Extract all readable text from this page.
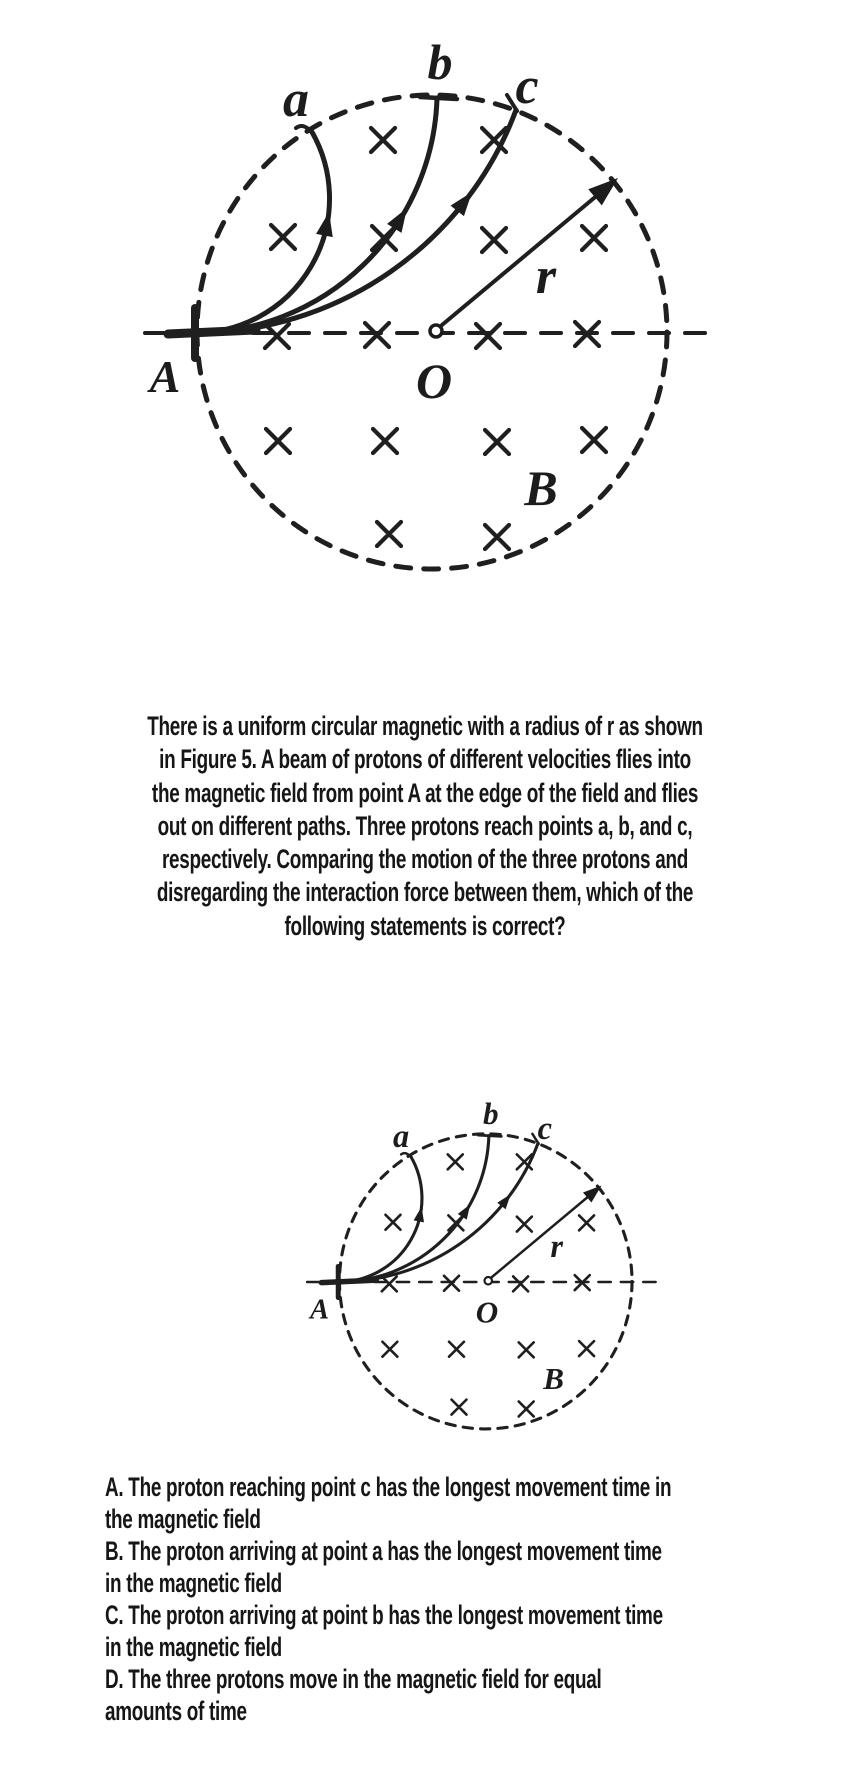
A	O
B
a
b c
r
There is a uniform circular magnetic with a radius of r as shown
in Figure 5. A beam of protons of different velocities flies into
the magnetic field from point A at the edge of the field and flies
out on different paths. Three protons reach points a, b, and c,
respectively. Comparing the motion of the three protons and
disregarding the interaction force between them, which of the
following statements is correct?
A. The proton reaching point c has the longest movement time in
the magnetic field
B. The proton arriving at point a has the longest movement time
in the magnetic field
C. The proton arriving at point b has the longest movement time
in the magnetic field
D. The three protons move in the magnetic field for equal
amounts of time
